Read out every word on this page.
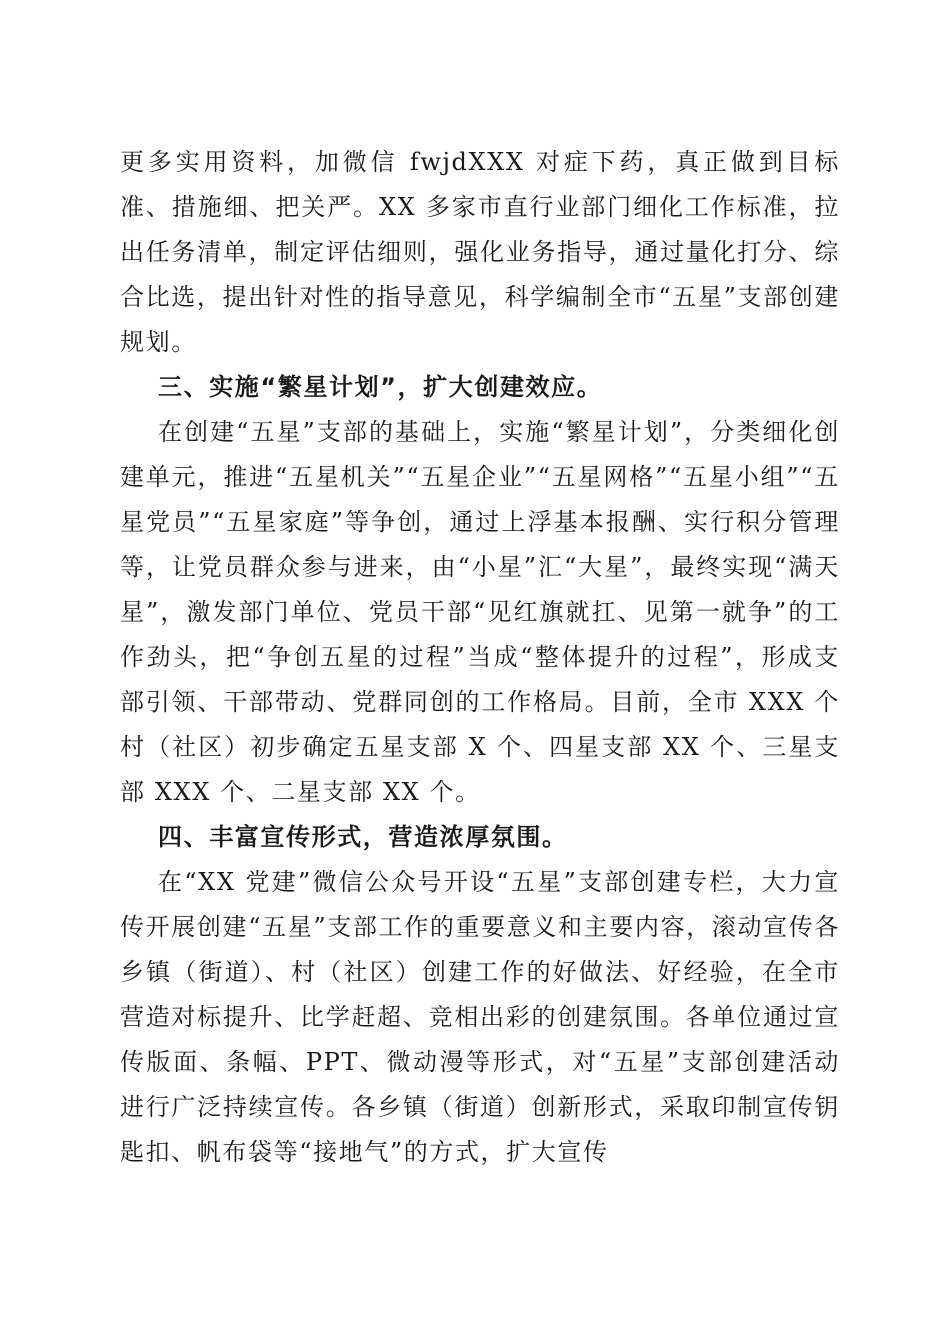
更多实用资料，加微信 fwjdXXX 对症下药，真正做到目标准、措施细、把关严。XX 多家市直行业部门细化工作标准，拉出任务清单，制定评估细则，强化业务指导，通过量化打分、综合比选，提出针对性的指导意见，科学编制全市“五星”支部创建规划。

三、实施“繁星计划”，扩大创建效应。

在创建“五星”支部的基础上，实施“繁星计划”，分类细化创建单元，推进“五星机关”“五星企业”“五星网格”“五星小组”“五星党员”“五星家庭”等争创，通过上浮基本报酬、实行积分管理等，让党员群众参与进来，由“小星”汇“大星”，最终实现“满天星”，激发部门单位、党员干部“见红旗就扛、见第一就争”的工作劲头，把“争创五星的过程”当成“整体提升的过程”，形成支部引领、干部带动、党群同创的工作格局。目前，全市 XXX 个村（社区）初步确定五星支部 X 个、四星支部 XX 个、三星支部 XXX 个、二星支部 XX 个。

四、丰富宣传形式，营造浓厚氛围。

在“XX 党建”微信公众号开设“五星”支部创建专栏，大力宣传开展创建“五星”支部工作的重要意义和主要内容，滚动宣传各乡镇（街道）、村（社区）创建工作的好做法、好经验，在全市营造对标提升、比学赶超、竞相出彩的创建氛围。各单位通过宣传版面、条幅、PPT、微动漫等形式，对“五星”支部创建活动进行广泛持续宣传。各乡镇（街道）创新形式，采取印制宣传钥匙扣、帆布袋等“接地气”的方式，扩大宣传
